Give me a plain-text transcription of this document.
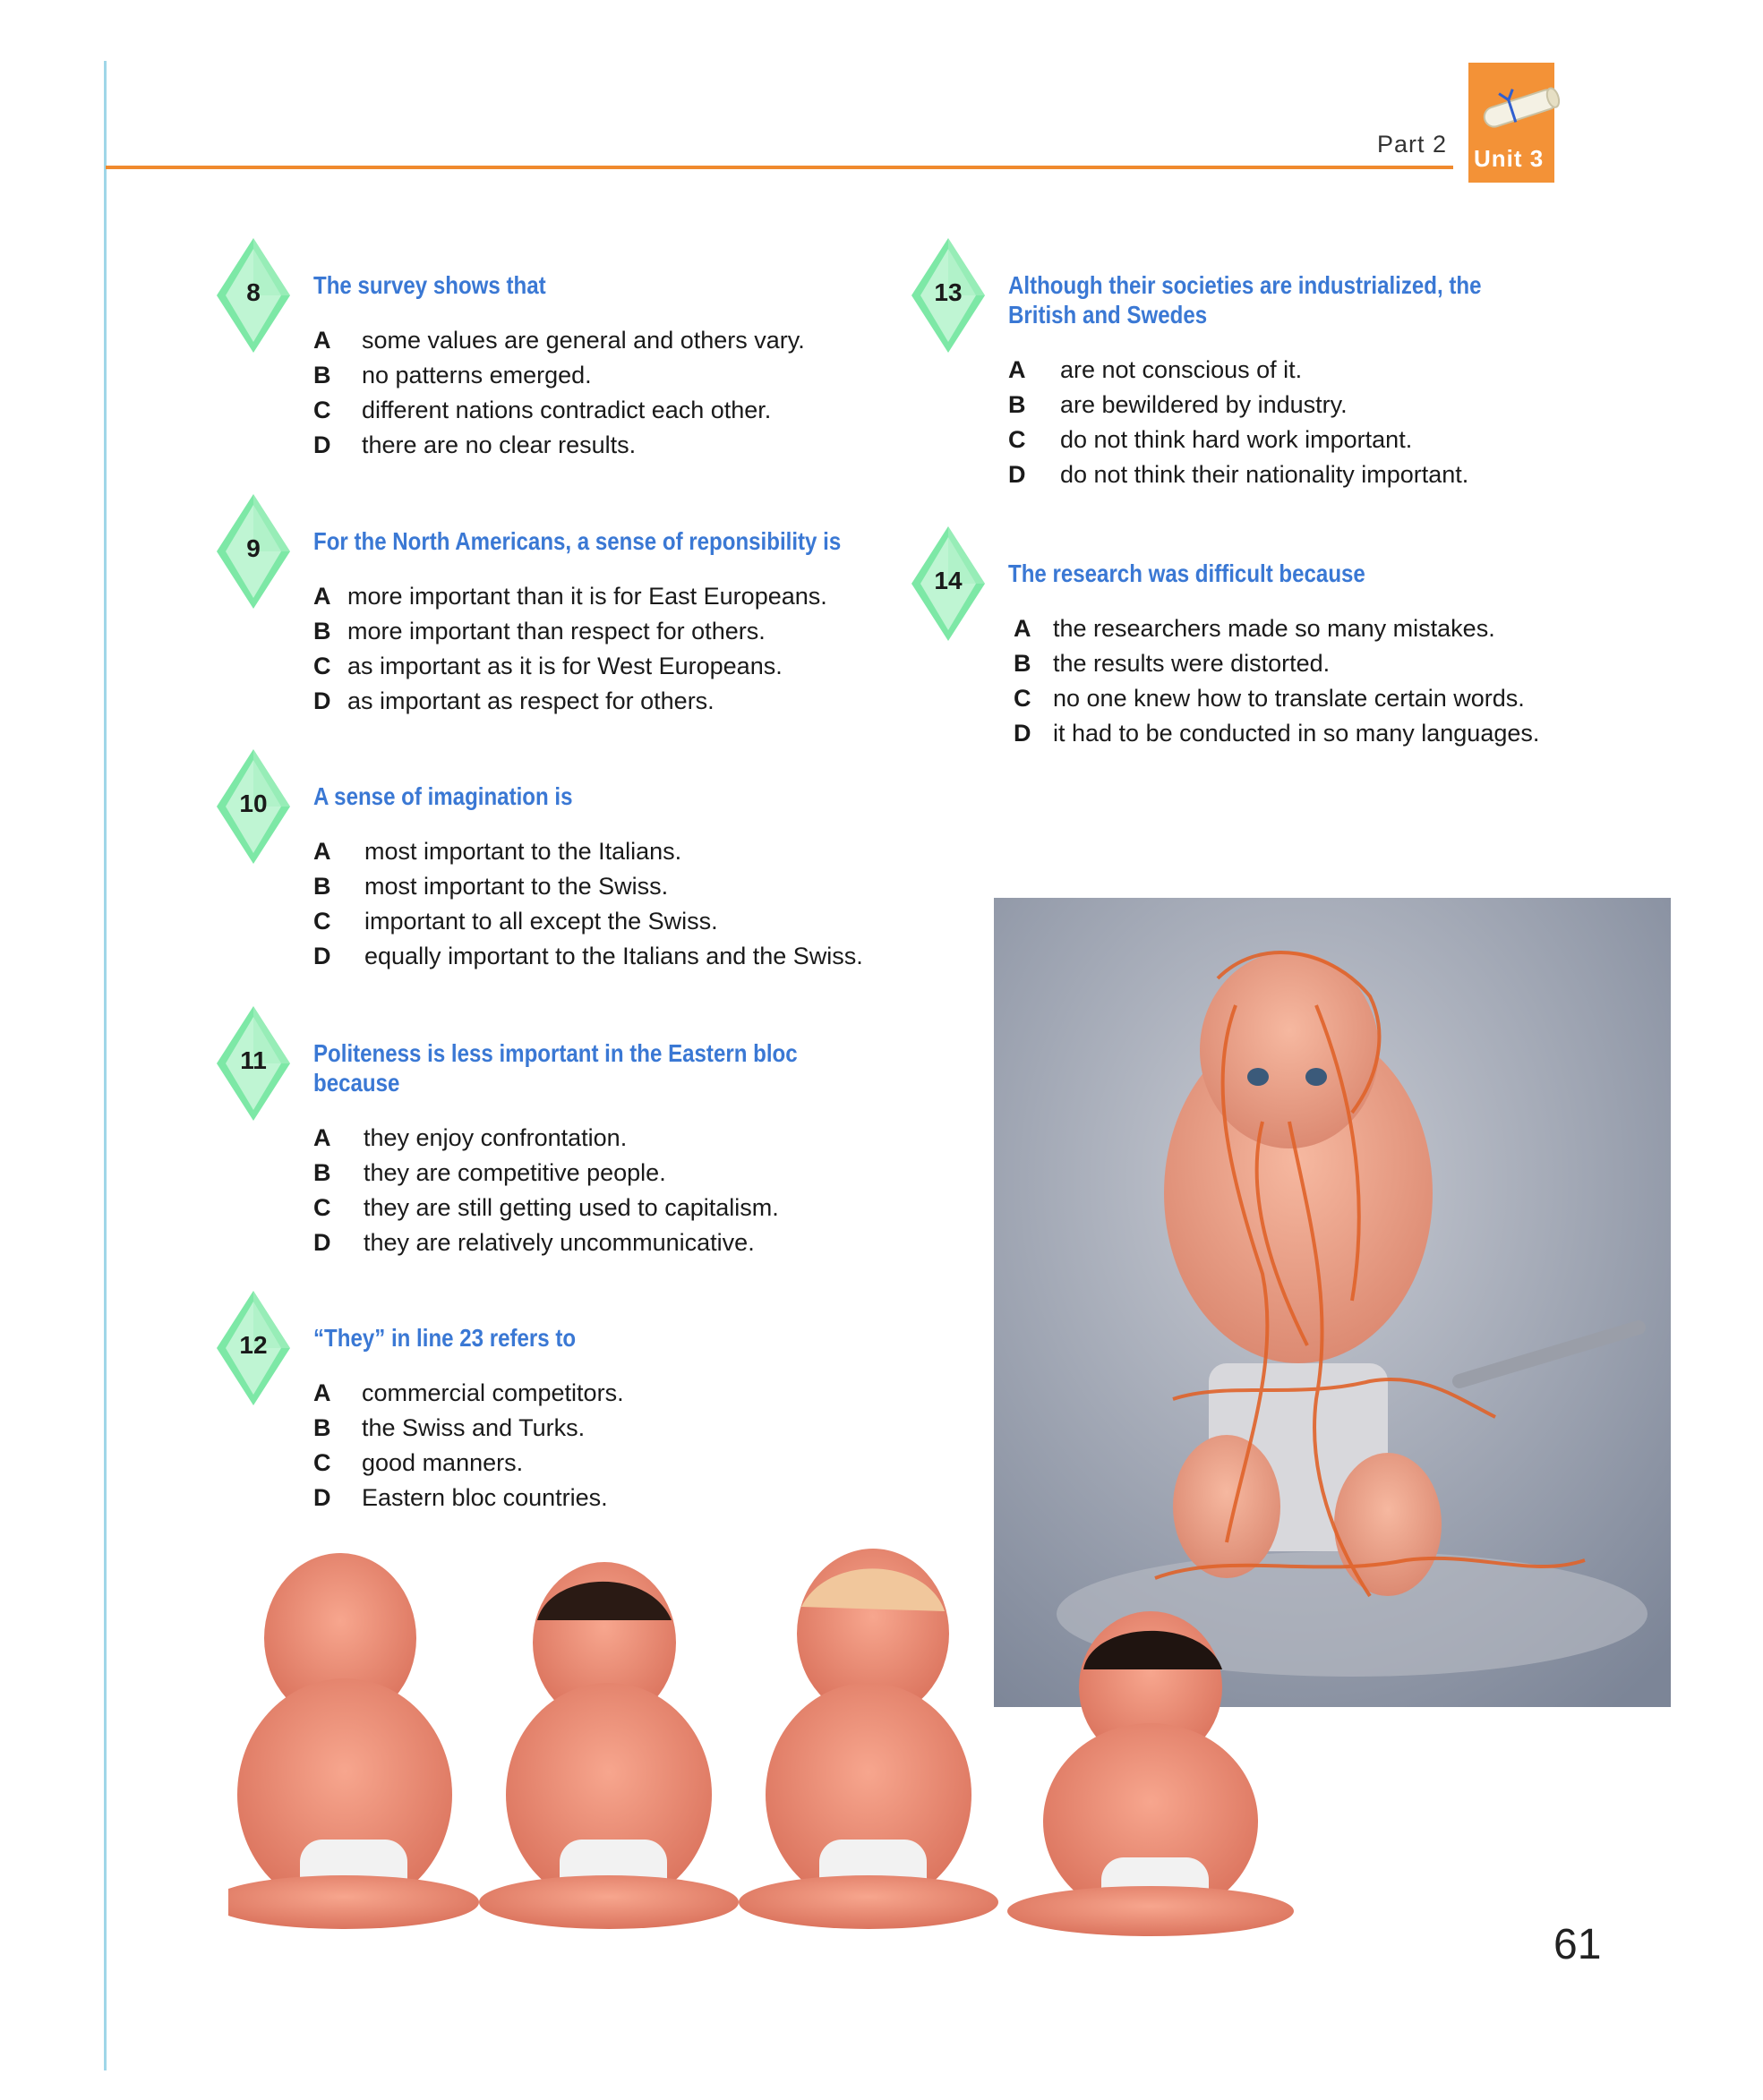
Part 2
Unit 3
8	The survey shows that
A	some values are general and others vary.
B	no patterns emerged.
C	different nations contradict each other.
D	there are no clear results.
9	For the North Americans, a sense of reponsibility is
A more important than it is for East Europeans.
B more important than respect for others.
C as important as it is for West Europeans.
D as important as respect for others.
10	A sense of imagination is
A	most important to the Italians.
B	most important to the Swiss.
C	important to all except the Swiss.
D	equally important to the Italians and the Swiss.
11	Politeness is less important in the Eastern bloc
because
A	they enjoy confrontation.
B	they are competitive people.
C	they are still getting used to capitalism.
D	they are relatively uncommunicative.
12	“They” in line 23 refers to
A	commercial competitors.
B	the Swiss and Turks.
C	good manners.
D	Eastern bloc countries.
13	Although their societies are industrialized, the
British and Swedes
A	are not conscious of it.
B	are bewildered by industry.
C	do not think hard work important.
D	do not think their nationality important.
14	The research was difficult because
A the researchers made so many mistakes.
B the results were distorted.
C no one knew how to translate certain words.
D it had to be conducted in so many languages.
61
